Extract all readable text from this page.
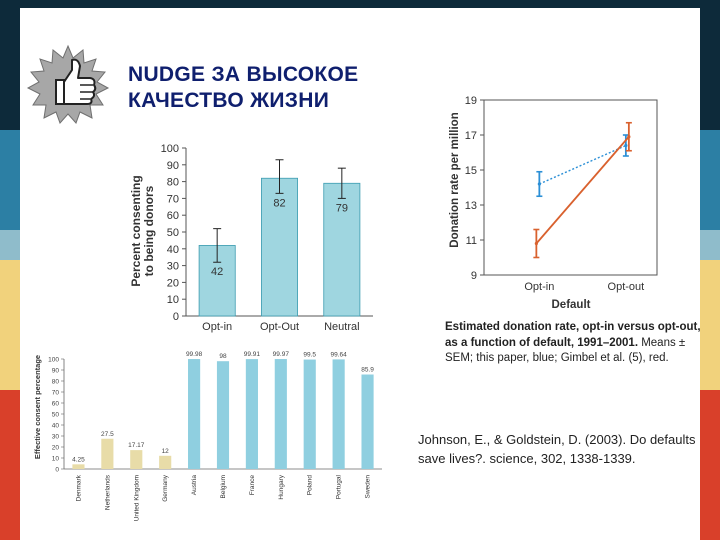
NUDGE ЗА ВЫСОКОЕ
КАЧЕСТВО ЖИЗНИ
Percent consenting to being donors
0
10
20
30
40
50
60
70
80
90
100
42
Opt-in
82
Opt-Out
79
Neutral
Donation rate per million
Default
9
11
13
15
17
19
Opt-in	Opt-out
Estimated donation rate, opt-in versus opt-out, as a function of default, 1991–2001. Means ± SEM; this paper, blue; Gimbel et al. (5), red.
Effective consent percentage
0
10
20
30
40
50
60
70
80
90
100
4.25
Denmark
27.5
Netherlands
17.17
United Kingdom
12
Germany
99.98
Austria
98
Belgium
99.91
France
99.97
Hungary
99.5
Poland
99.64
Portugal
85.9
Sweden
Johnson, E., & Goldstein, D. (2003). Do defaults save lives?. science, 302, 1338-1339.
